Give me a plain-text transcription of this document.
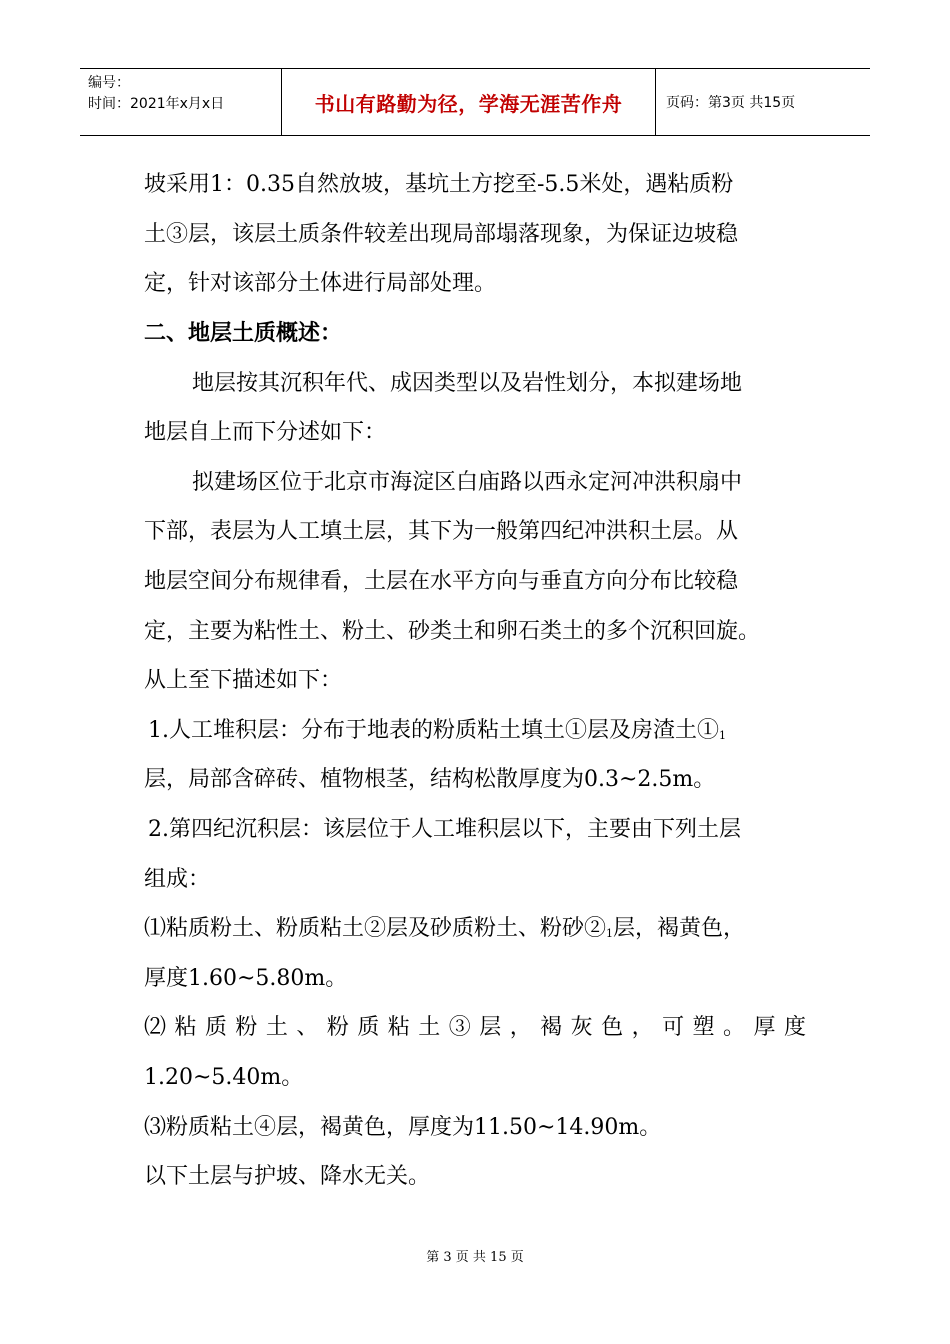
编号：
时间：2021年x月x日	书山有路勤为径，学海无涯苦作舟	页码：第3页 共15页
坡采用1：0.35自然放坡，基坑土方挖至-5.5米处，遇粘质粉
土③层，该层土质条件较差出现局部塌落现象，为保证边坡稳
定，针对该部分土体进行局部处理。
二、地层土质概述：
地层按其沉积年代、成因类型以及岩性划分，本拟建场地
地层自上而下分述如下：
拟建场区位于北京市海淀区白庙路以西永定河冲洪积扇中
下部，表层为人工填土层，其下为一般第四纪冲洪积土层。从
地层空间分布规律看，土层在水平方向与垂直方向分布比较稳
定，主要为粘性土、粉土、砂类土和卵石类土的多个沉积回旋。
从上至下描述如下：
1.人工堆积层：分布于地表的粉质粘土填土①层及房渣土$①_1$
层，局部含碎砖、植物根茎，结构松散厚度为0.3~2.5m。
2.第四纪沉积层：该层位于人工堆积层以下，主要由下列土层
组成：
⑴粘质粉土、粉质粘土②层及砂质粉土、粉砂$②_1$层，褐黄色，
厚度1.60~5.80m。
⑵粘质粉土、粉质粘土③层，褐灰色，可塑。厚度
1.20~5.40m。
⑶粉质粘土④层，褐黄色，厚度为11.50~14.90m。
以下土层与护坡、降水无关。
第 3 页 共 15 页
